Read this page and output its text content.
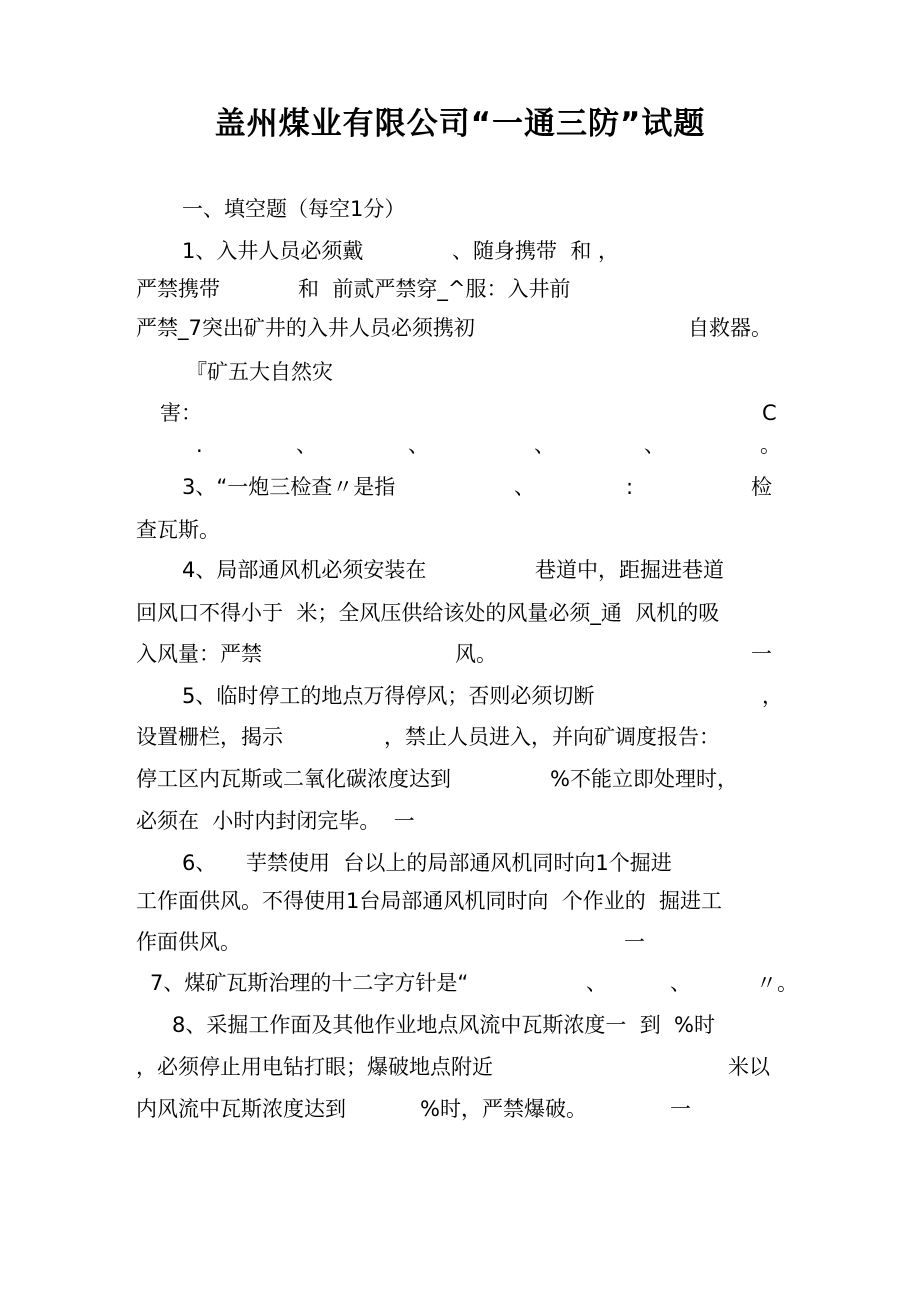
盖州煤业有限公司“一通三防”试题
一、填空题（每空1分）
1、入井人员必须戴	、随身携带  和 ，
严禁携带	和  前贰严禁穿_^服：入井前
严禁_7突出矿井的入井人员必须携初	自救器。
『矿五大自然灾
害：	C
.	、	、	、	、	。
3、“一炮三检查〃是指	、	:	检
查瓦斯。
4、局部通风机必须安装在	巷道中，距掘进巷道
回风口不得小于  米；全风压供给该处的风量必须_通  风机的吸
入风量：严禁	风。	一
5、临时停工的地点万得停风；否则必须切断	，
设置栅栏，揭示	，禁止人员进入，并向矿调度报告：
停工区内瓦斯或二氧化碳浓度达到	%不能立即处理时，
必须在  小时内封闭完毕。  一
6、 芋禁使用  台以上的局部通风机同时向1个掘进
工作面供风。不得使用1台局部通风机同时向  个作业的  掘进工
作面供风。	一
7、煤矿瓦斯治理的十二字方针是“	、	、	〃。
8、采掘工作面及其他作业地点风流中瓦斯浓度一  到  %时
，必须停止用电钻打眼；爆破地点附近	米以
内风流中瓦斯浓度达到	%时，严禁爆破。	一
